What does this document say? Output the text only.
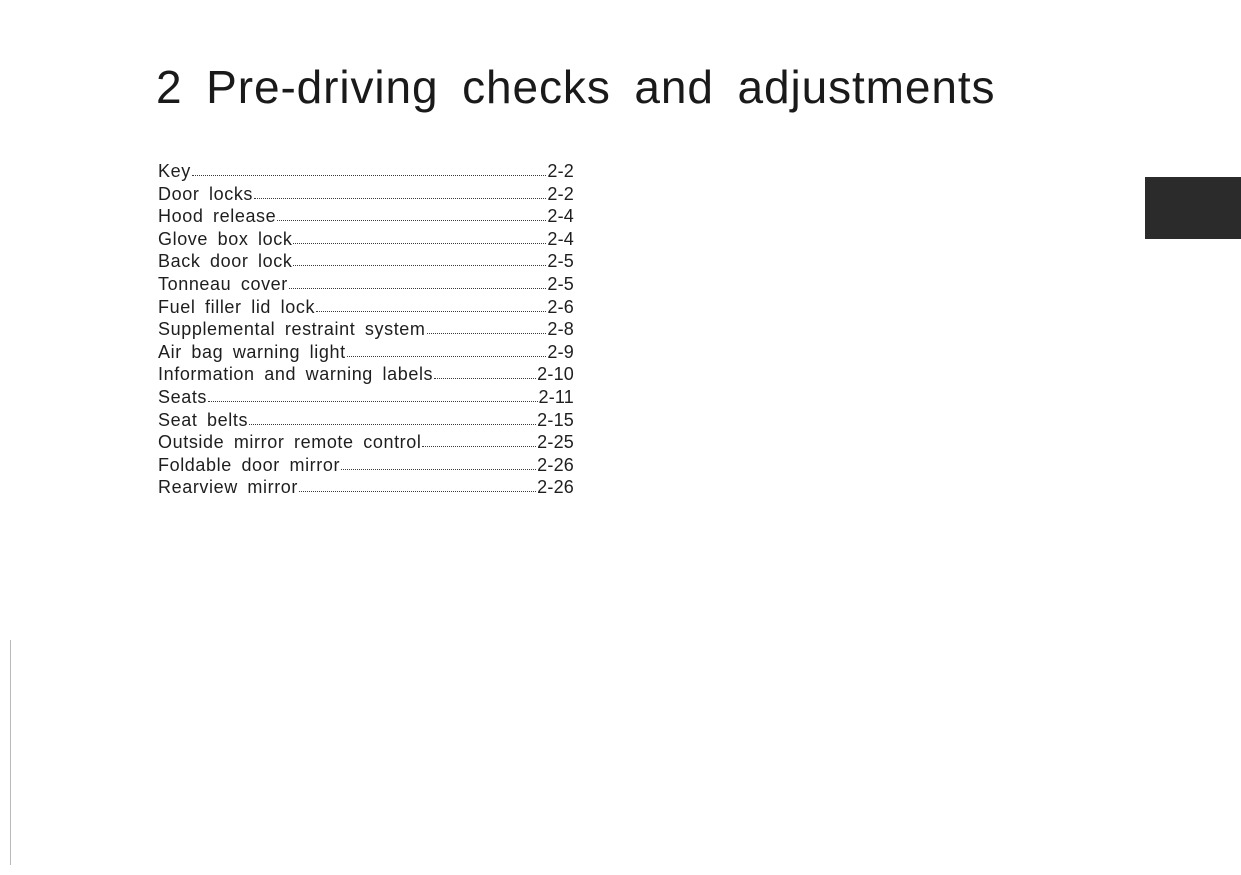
2 Pre-driving checks and adjustments
Key	2-2
Door locks	2-2
Hood release	2-4
Glove box lock	2-4
Back door lock	2-5
Tonneau cover	2-5
Fuel filler lid lock	2-6
Supplemental restraint system	2-8
Air bag warning light	2-9
Information and warning labels	2-10
Seats	2-11
Seat belts	2-15
Outside mirror remote control	2-25
Foldable door mirror	2-26
Rearview mirror	2-26
